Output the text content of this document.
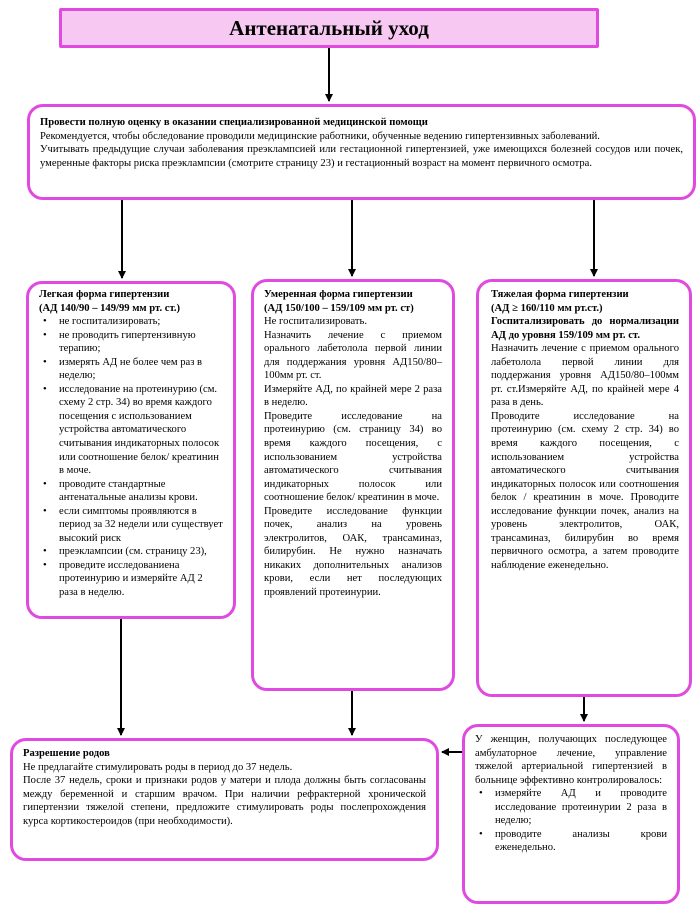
Антенатальный уход

Провести полную оценку в оказании специализированной медицинской помощи

Рекомендуется, чтобы обследование проводили медицинские работники, обученные ведению гипертензивных заболеваний.

Учитывать предыдущие случаи заболевания преэклампсией или гестационной гипертензией, уже имеющихся болезней сосудов или почек, умеренные факторы риска преэклампсии (смотрите страницу 23) и гестационный возраст на момент первичного осмотра.

Легкая форма гипертензии

(АД 140/90 – 149/99 мм рт. ст.)

• не госпитализировать;
• не проводить гипертензивную терапию;
• измерять АД не более чем раз в неделю;
• исследование на протеинурию (см. схему 2 стр. 34) во время каждого посещения с использованием устройства автоматического считывания индикаторных полосок или соотношение белок/ креатинин в моче.
• проводите стандартные антенатальные анализы крови.
• если симптомы проявляются в период за 32 недели или существует высокий риск
• преэклампсии (см. страницу 23),
• проведите исследованиена протеинурию и измеряйте АД 2 раза в неделю.

Умеренная форма гипертензии

(АД 150/100 – 159/109 мм рт. ст)

Не госпитализировать.

Назначить лечение с приемом орального лабетолола первой линии для поддержания уровня АД150/80–100мм рт. ст.

Измеряйте АД, по крайней мере 2 раза в неделю.

Проведите исследование на протеинурию (см. страницу 34) во время каждого посещения, с использованием устройства автоматического считывания индикаторных полосок или соотношение белок/ креатинин в моче.

Проведите исследование функции почек, анализ на уровень электролитов, ОАК, трансаминаз, билирубин. Не нужно назначать никаких дополнительных анализов крови, если нет последующих проявлений протеинурии.

Тяжелая форма гипертензии

(АД ≥ 160/110 мм рт.ст.)

Госпитализировать до нормализации АД до уровня 159/109 мм рт. ст.

Назначить лечение с приемом орального лабетолола первой линии для поддержания уровня АД150/80–100мм рт. ст.Измеряйте АД, по крайней мере 4 раза в день.

Проводите исследование на протеинурию (см. схему 2 стр. 34) во время каждого посещения, с использованием устройства автоматического считывания индикаторных полосок или соотношения белок / креатинин в моче. Проводите исследование функции почек, анализ на уровень электролитов, ОАК, трансаминаз, билирубин во время первичного осмотра, а затем проводите наблюдение еженедельно.

Разрешение родов

Не предлагайте стимулировать роды в период до 37 недель.

После 37 недель, сроки и признаки родов у матери и плода должны быть согласованы между беременной и старшим врачом. При наличии рефрактерной хронической гипертензии тяжелой степени, предложите стимулировать роды послепрохождения курса кортикостероидов (при необходимости).

У женщин, получающих последующее амбулаторное лечение, управление тяжелой артериальной гипертензией в больнице эффективно контролировалось:

• измеряйте АД и проводите исследование протеинурии 2 раза в неделю;
• проводите анализы крови еженедельно.
